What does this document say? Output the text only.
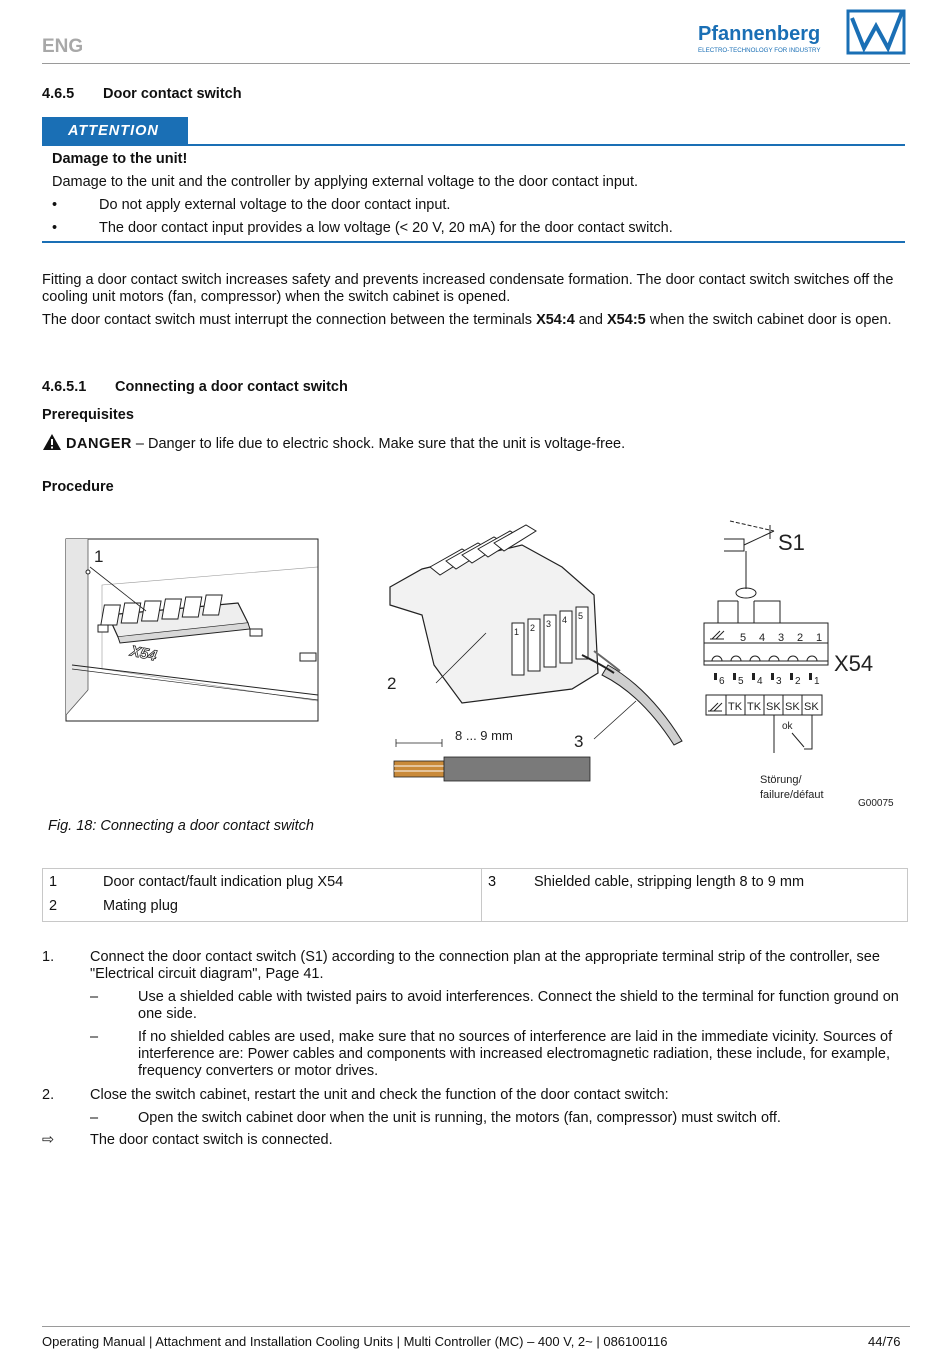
ENG
Pfannenberg
ELECTRO-TECHNOLOGY FOR INDUSTRY
4.6.5 Door contact switch
ATTENTION
Damage to the unit!
Damage to the unit and the controller by applying external voltage to the door contact input.
•	Do not apply external voltage to the door contact input.
•	The door contact input provides a low voltage (< 20 V, 20 mA) for the door contact switch.
Fitting a door contact switch increases safety and prevents increased condensate formation. The door contact switch switches off the cooling unit motors (fan, compressor) when the switch cabinet is opened.
The door contact switch must interrupt the connection between the terminals X54:4 and X54:5 when the switch cabinet door is open.
4.6.5.1 Connecting a door contact switch
Prerequisites
DANGER – Danger to life due to electric shock. Make sure that the unit is voltage-free.
Procedure
X54
1
1 2 3 4 5
2
3
8 ... 9 mm
S1
5 4 3 2 1
X54
6 5 4 3 2 1
TK TK SK SK SK
ok
Störung/
failure/défaut
G00075
Fig. 18: Connecting a door contact switch
1	Door contact/fault indication plug X54	3	Shielded cable, stripping length 8 to 9 mm
2	Mating plug		
1. Connect the door contact switch (S1) according to the connection plan at the appropriate terminal strip of the controller, see "Electrical circuit diagram", Page 41.
–	Use a shielded cable with twisted pairs to avoid interferences. Connect the shield to the terminal for function ground on one side.
–	If no shielded cables are used, make sure that no sources of interference are laid in the immediate vicinity. Sources of interference are: Power cables and components with increased electromagnetic radiation, these include, for example, frequency converters or motor drives.
2. Close the switch cabinet, restart the unit and check the function of the door contact switch:
–	Open the switch cabinet door when the unit is running, the motors (fan, compressor) must switch off.
⇨ The door contact switch is connected.
Operating Manual | Attachment and Installation Cooling Units | Multi Controller (MC) – 400 V, 2~ | 086100116	44/76
